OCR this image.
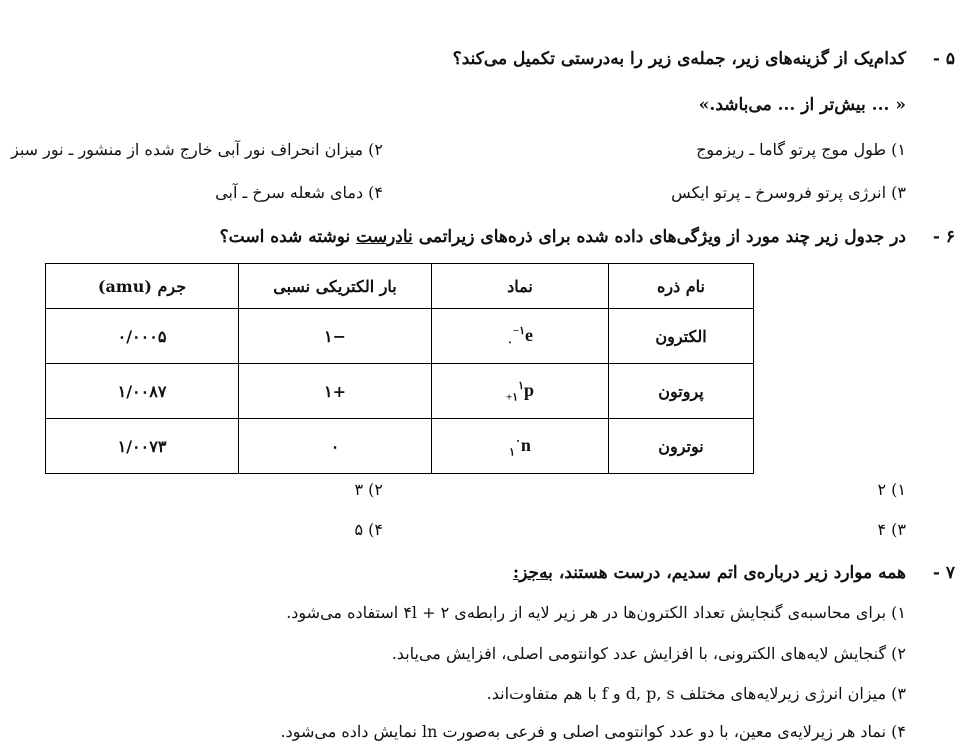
۵ -
کدام‌یک از گزینه‌های زیر، جمله‌ی زیر را به‌درستی تکمیل می‌کند؟
« ... بیش‌تر از ... می‌باشد.»
۱) طول موج پرتو گاما ـ ریزموج
۲) میزان انحراف نور آبی خارج شده از منشور ـ نور سبز
۳) انرژی پرتو فروسرخ ـ پرتو ایکس
۴) دمای شعله سرخ ـ آبی
۶ -
در جدول زیر چند مورد از ویژگی‌های داده شده برای ذره‌های زیراتمی نادرست نوشته شده است؟
نام ذره	نماد	بار الکتریکی نسبی	جرم (amu)
الکترون	$_۰^{-۱}$e	−۱	۰/۰۰۰۵
پروتون	$_{+۱}^۱$p	+۱	۱/۰۰۸۷
نوترون	$_۱^۰$n	۰	۱/۰۰۷۳
۱) ۲
۲) ۳
۳) ۴
۴) ۵
۷ -
همه موارد زیر درباره‌ی اتم سدیم، درست هستند، به‌جز:
۱) برای محاسبه‌ی گنجایش تعداد الکترون‌ها در هر زیر لایه از رابطه‌ی ۲ + ۴l استفاده می‌شود.
۲) گنجایش لایه‌های الکترونی، با افزایش عدد کوانتومی اصلی، افزایش می‌یابد.
۳) میزان انرژی زیرلایه‌های مختلف d, p, s و f با هم متفاوت‌اند.
۴) نماد هر زیرلایه‌ی معین، با دو عدد کوانتومی اصلی و فرعی به‌صورت ln نمایش داده می‌شود.
